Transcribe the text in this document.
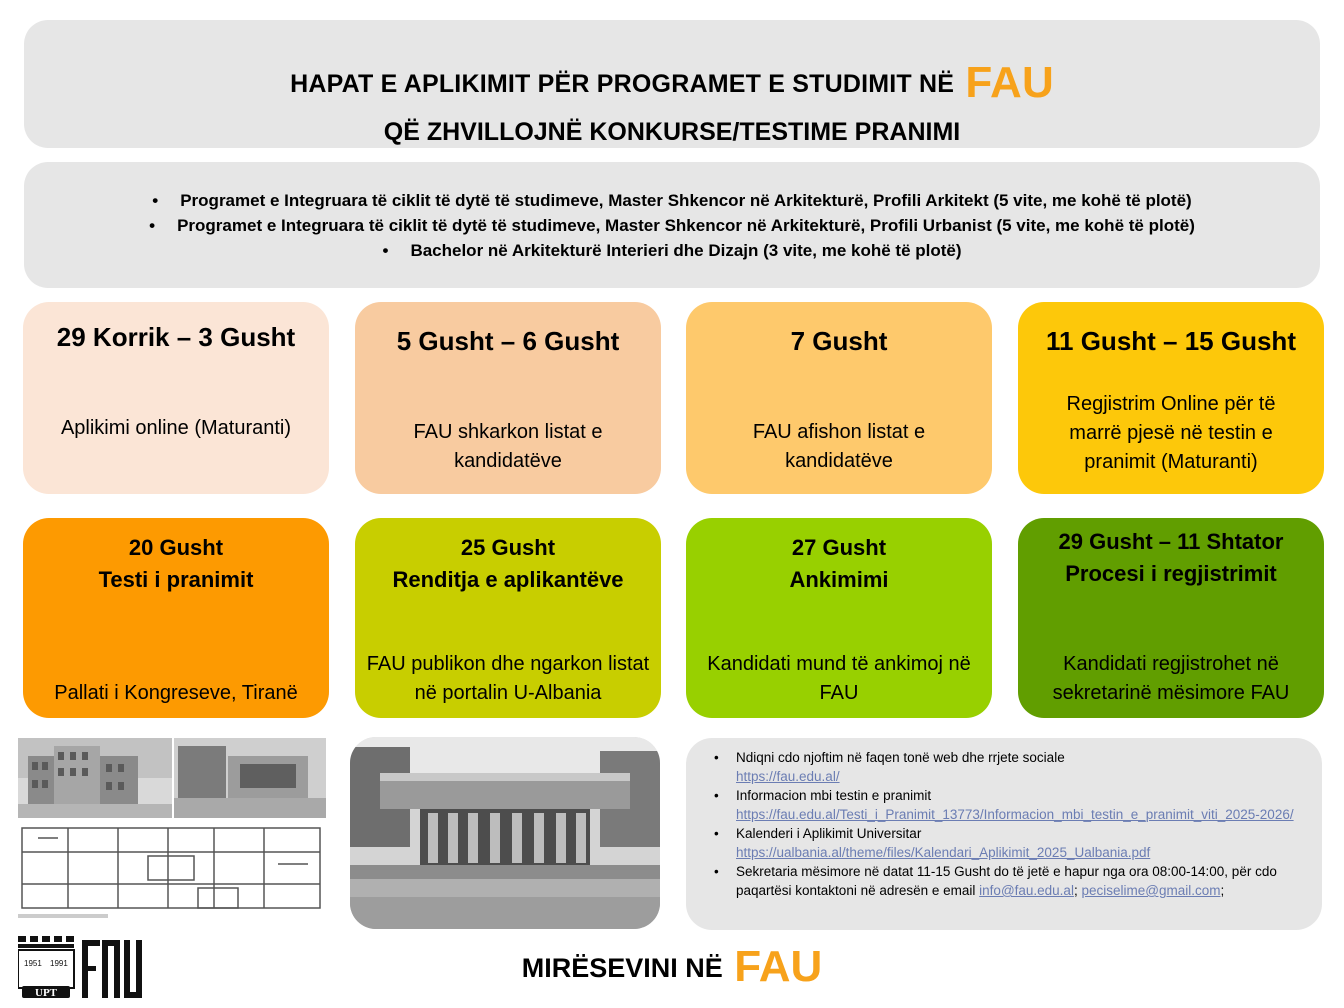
HAPAT E APLIKIMIT PËR PROGRAMET E STUDIMIT NË FAU
QË ZHVILLOJNË KONKURSE/TESTIME PRANIMI
• Programet e Integruara të ciklit të dytë të studimeve, Master Shkencor në Arkitekturë, Profili Arkitekt (5 vite, me kohë të plotë)
• Programet e Integruara të ciklit të dytë të studimeve, Master Shkencor në Arkitekturë, Profili Urbanist (5 vite, me kohë të plotë)
• Bachelor në Arkitekturë Interieri dhe Dizajn (3 vite, me kohë të plotë)
29 Korrik – 3 Gusht
Aplikimi online (Maturanti)
5 Gusht – 6 Gusht
FAU shkarkon listat e kandidatëve
7 Gusht
FAU afishon listat e kandidatëve
11 Gusht – 15 Gusht
Regjistrim Online për të marrë pjesë në testin e pranimit (Maturanti)
20 Gusht
Testi i pranimit
Pallati i Kongreseve, Tiranë
25 Gusht
Renditja e aplikantëve
FAU publikon dhe ngarkon listat në portalin U-Albania
27 Gusht
Ankimimi
Kandidati mund të ankimoj në FAU
29 Gusht – 11 Shtator
Procesi i regjistrimit
Kandidati regjistrohet në sekretarinë mësimore FAU
• Ndiqni cdo njoftim në faqen tonë web dhe rrjete sociale
https://fau.edu.al/
• Informacion mbi testin e pranimit
https://fau.edu.al/Testi_i_Pranimit_13773/Informacion_mbi_testin_e_pranimit_viti_2025-2026/
• Kalenderi i Aplikimit Universitar
https://ualbania.al/theme/files/Kalendari_Aplikimit_2025_Ualbania.pdf
• Sekretaria mësimore në datat 11-15 Gusht do të jetë e hapur nga ora 08:00-14:00, për cdo paqartësi kontaktoni në adresën e email info@fau.edu.al; peciselime@gmail.com;
1951 1991
UPT
MIRËSEVINI NË FAU
